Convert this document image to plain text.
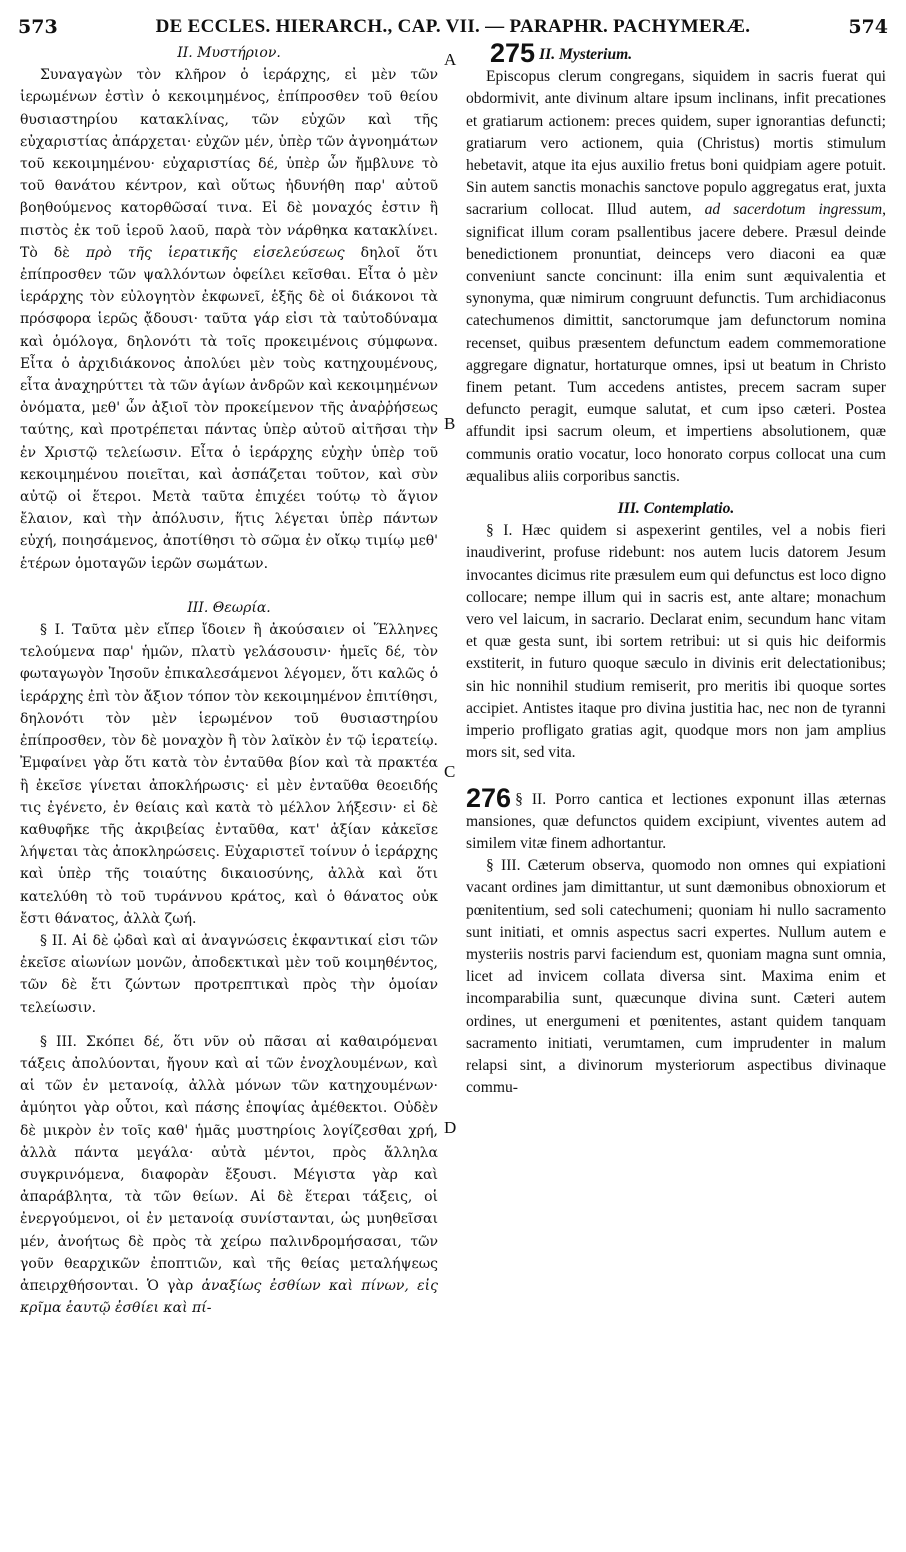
573	DE ECCLES. HIERARCH., CAP. VII. — PARAPHR. PACHYMERÆ.	574
A
B
C
D

II. Μυστήριον.

Συναγαγὼν τὸν κλῆρον ὁ ἱεράρχης, εἰ μὲν τῶν ἱερωμένων ἐστὶν ὁ κεκοιμημένος, ἐπίπροσθεν τοῦ θείου θυσιαστηρίου κατακλίνας, τῶν εὐχῶν καὶ τῆς εὐχαριστίας ἀπάρχεται· εὐχῶν μέν, ὑπὲρ τῶν ἀγνοημάτων τοῦ κεκοιμημένου· εὐχαριστίας δέ, ὑπὲρ ὧν ἤμβλυνε τὸ τοῦ θανάτου κέντρον, καὶ οὕτως ἠδυνήθη παρ' αὐτοῦ βοηθούμενος κατορθῶσαί τινα. Εἰ δὲ μοναχός ἐστιν ἢ πιστὸς ἐκ τοῦ ἱεροῦ λαοῦ, παρὰ τὸν νάρθηκα κατακλίνει. Τὸ δὲ πρὸ τῆς ἱερατικῆς εἰσελεύσεως δηλοῖ ὅτι ἐπίπροσθεν τῶν ψαλλόντων ὀφείλει κεῖσθαι. Εἶτα ὁ μὲν ἱεράρχης τὸν εὐλογητὸν ἐκφωνεῖ, ἑξῆς δὲ οἱ διάκονοι τὰ πρόσφορα ἱερῶς ᾄδουσι· ταῦτα γάρ εἰσι τὰ ταὐτοδύναμα καὶ ὁμόλογα, δηλονότι τὰ τοῖς προκειμένοις σύμφωνα. Εἶτα ὁ ἀρχιδιάκονος ἀπολύει μὲν τοὺς κατηχουμένους, εἶτα ἀναχηρύττει τὰ τῶν ἁγίων ἀνδρῶν καὶ κεκοιμημένων ὀνόματα, μεθ' ὧν ἀξιοῖ τὸν προκείμενον τῆς ἀναῤῥήσεως ταύτης, καὶ προτρέπεται πάντας ὑπὲρ αὐτοῦ αἰτῆσαι τὴν ἐν Χριστῷ τελείωσιν. Εἶτα ὁ ἱεράρχης εὐχὴν ὑπὲρ τοῦ κεκοιμημένου ποιεῖται, καὶ ἀσπάζεται τοῦτον, καὶ σὺν αὐτῷ οἱ ἕτεροι. Μετὰ ταῦτα ἐπιχέει τούτῳ τὸ ἅγιον ἔλαιον, καὶ τὴν ἀπόλυσιν, ἥτις λέγεται ὑπὲρ πάντων εὐχή, ποιησάμενος, ἀποτίθησι τὸ σῶμα ἐν οἴκῳ τιμίῳ μεθ' ἑτέρων ὁμοταγῶν ἱερῶν σωμάτων.

III. Θεωρία.

§ I. Ταῦτα μὲν εἴπερ ἴδοιεν ἢ ἀκούσαιεν οἱ Ἕλληνες τελούμενα παρ' ἡμῶν, πλατὺ γελάσουσιν· ἡμεῖς δέ, τὸν φωταγωγὸν Ἰησοῦν ἐπικαλεσάμενοι λέγομεν, ὅτι καλῶς ὁ ἱεράρχης ἐπὶ τὸν ἄξιον τόπον τὸν κεκοιμημένον ἐπιτίθησι, δηλονότι τὸν μὲν ἱερωμένον τοῦ θυσιαστηρίου ἐπίπροσθεν, τὸν δὲ μοναχὸν ἢ τὸν λαϊκὸν ἐν τῷ ἱερατείῳ. Ἐμφαίνει γὰρ ὅτι κατὰ τὸν ἐνταῦθα βίον καὶ τὰ πρακτέα ἢ ἐκεῖσε γίνεται ἀποκλήρωσις· εἰ μὲν ἐνταῦθα θεοειδής τις ἐγένετο, ἐν θείαις καὶ κατὰ τὸ μέλλον λήξεσιν· εἰ δὲ καθυφῆκε τῆς ἀκριβείας ἐνταῦθα, κατ' ἀξίαν κἀκεῖσε λήψεται τὰς ἀποκληρώσεις. Εὐχαριστεῖ τοίνυν ὁ ἱεράρχης καὶ ὑπὲρ τῆς τοιαύτης δικαιοσύνης, ἀλλὰ καὶ ὅτι κατελύθη τὸ τοῦ τυράννου κράτος, καὶ ὁ θάνατος οὐκ ἔστι θάνατος, ἀλλὰ ζωή.

§ II. Αἱ δὲ ᾠδαὶ καὶ αἱ ἀναγνώσεις ἐκφαντικαί εἰσι τῶν ἐκεῖσε αἰωνίων μονῶν, ἀποδεκτικαὶ μὲν τοῦ κοιμηθέντος, τῶν δὲ ἔτι ζώντων προτρεπτικαὶ πρὸς τὴν ὁμοίαν τελείωσιν.

§ III. Σκόπει δέ, ὅτι νῦν οὐ πᾶσαι αἱ καθαιρόμεναι τάξεις ἀπολύονται, ἤγουν καὶ αἱ τῶν ἐνοχλουμένων, καὶ αἱ τῶν ἐν μετανοίᾳ, ἀλλὰ μόνων τῶν κατηχουμένων· ἀμύητοι γὰρ οὗτοι, καὶ πάσης ἐποψίας ἀμέθεκτοι. Οὐδὲν δὲ μικρὸν ἐν τοῖς καθ' ἡμᾶς μυστηρίοις λογίζεσθαι χρή, ἀλλὰ πάντα μεγάλα· αὐτὰ μέντοι, πρὸς ἄλληλα συγκρινόμενα, διαφορὰν ἔξουσι. Μέγιστα γὰρ καὶ ἀπαράβλητα, τὰ τῶν θείων. Αἱ δὲ ἕτεραι τάξεις, οἱ ἐνεργούμενοι, οἱ ἐν μετανοίᾳ συνίστανται, ὡς μυηθεῖσαι μέν, ἀνοήτως δὲ πρὸς τὰ χείρω παλινδρομήσασαι, τῶν γοῦν θεαρχικῶν ἐποπτιῶν, καὶ τῆς θείας μεταλήψεως ἀπειρχθήσονται. Ὁ γὰρ ἀναξίως ἐσθίων καὶ πίνων, εἰς κρῖμα ἑαυτῷ ἐσθίει καὶ πί-

275 II. Mysterium.

Episcopus clerum congregans, siquidem in sacris fuerat qui obdormivit, ante divinum altare ipsum inclinans, infit precationes et gratiarum actionem: preces quidem, super ignorantias defuncti; gratiarum vero actionem, quia (Christus) mortis stimulum hebetavit, atque ita ejus auxilio fretus boni quidpiam agere potuit. Sin autem sanctis monachis sanctove populo aggregatus erat, juxta sacrarium collocat. Illud autem, ad sacerdotum ingressum, significat illum coram psallentibus jacere debere. Præsul deinde benedictionem pronuntiat, deinceps vero diaconi ea quæ conveniunt sancte concinunt: illa enim sunt æquivalentia et synonyma, quæ nimirum congruunt defunctis. Tum archidiaconus catechumenos dimittit, sanctorumque jam defunctorum nomina recenset, quibus præsentem defunctum eadem commemoratione aggregare dignatur, hortaturque omnes, ipsi ut beatum in Christo finem petant. Tum accedens antistes, precem sacram super defuncto peragit, eumque salutat, et cum ipso cæteri. Postea affundit ipsi sacrum oleum, et impertiens absolutionem, quæ communis oratio vocatur, loco honorato corpus collocat una cum æqualibus aliis corporibus sanctis.

III. Contemplatio.

§ I. Hæc quidem si aspexerint gentiles, vel a nobis fieri inaudiverint, profuse ridebunt: nos autem lucis datorem Jesum invocantes dicimus rite præsulem eum qui defunctus est loco digno collocare; nempe illum qui in sacris est, ante altare; monachum vero vel laicum, in sacrario. Declarat enim, secundum hanc vitam et quæ gesta sunt, ibi sortem retribui: ut si quis hic deiformis exstiterit, in futuro quoque sæculo in divinis erit delectationibus; sin hic nonnihil studium remiserit, pro meritis ibi quoque sortes accipiet. Antistes itaque pro divina justitia hac, nec non de tyranni imperio profligato gratias agit, quodque mors non jam amplius mors sit, sed vita.

276 § II. Porro cantica et lectiones exponunt illas æternas mansiones, quæ defunctos quidem excipiunt, viventes autem ad similem vitæ finem adhortantur.

§ III. Cæterum observa, quomodo non omnes qui expiationi vacant ordines jam dimittantur, ut sunt dæmonibus obnoxiorum et pœnitentium, sed soli catechumeni; quoniam hi nullo sacramento sunt initiati, et omnis aspectus sacri expertes. Nullum autem e mysteriis nostris parvi faciendum est, quoniam magna sunt omnia, licet ad invicem collata diversa sint. Maxima enim et incomparabilia sunt, quæcunque divina sunt. Cæteri autem ordines, ut energumeni et pœnitentes, astant quidem tanquam sacramento initiati, verumtamen, cum imprudenter in malum relapsi sint, a divinorum mysteriorum aspectibus divinaque commu-
